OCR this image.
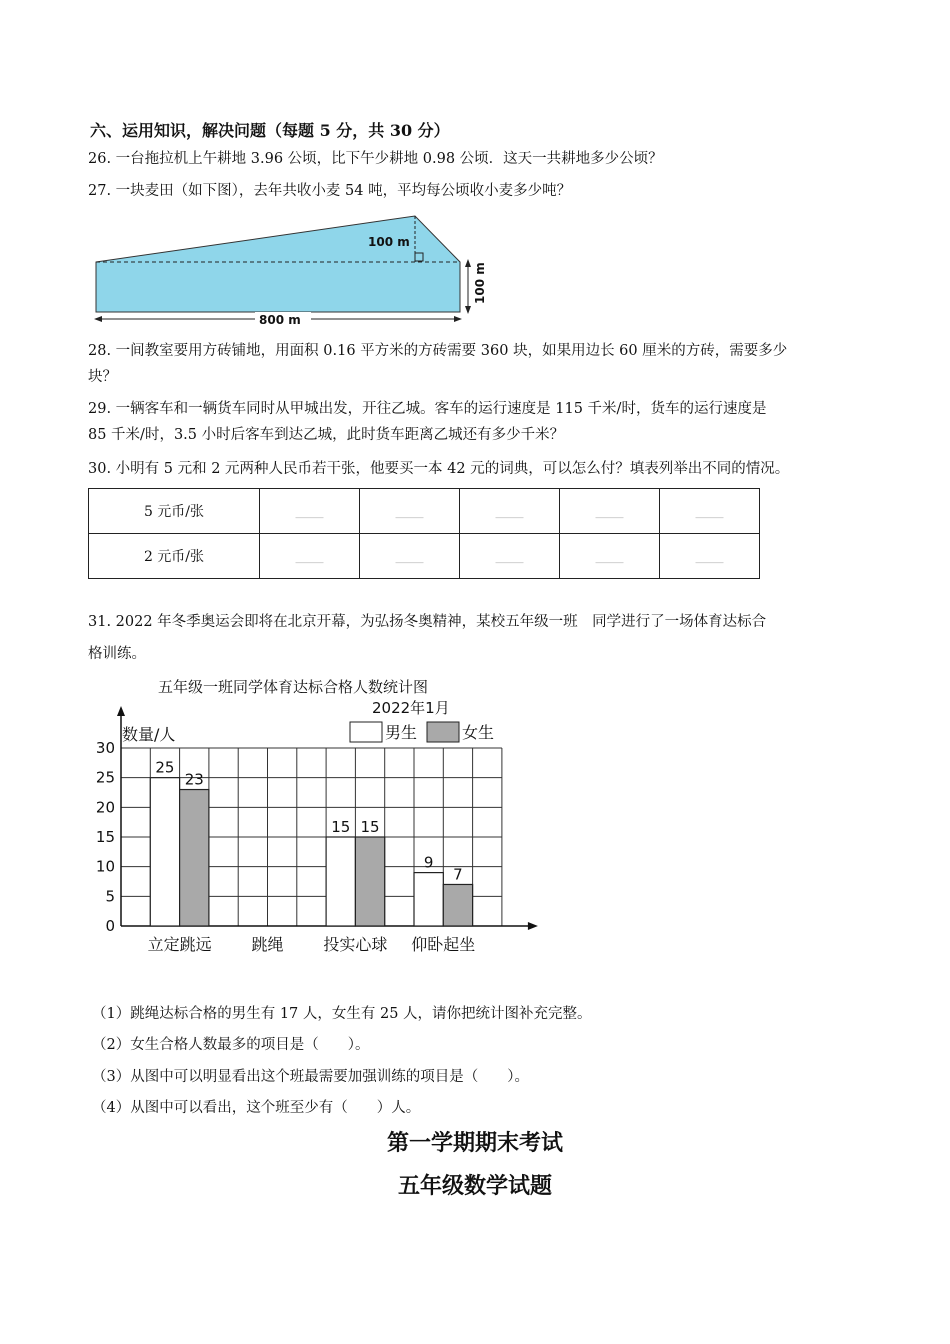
六、运用知识，解决问题（每题 5 分，共 30 分）
26. 一台拖拉机上午耕地 3.96 公顷，比下午少耕地 0.98 公顷．这天一共耕地多少公顷？
27. 一块麦田（如下图），去年共收小麦 54 吨，平均每公顷收小麦多少吨？
100 m
100 m
800 m
28. 一间教室要用方砖铺地，用面积 0.16 平方米的方砖需要 360 块，如果用边长 60 厘米的方砖，需要多少
块？
29. 一辆客车和一辆货车同时从甲城出发，开往乙城。客车的运行速度是 115 千米/时，货车的运行速度是
85 千米/时，3.5 小时后客车到达乙城，此时货车距离乙城还有多少千米？
30. 小明有 5 元和 2 元两种人民币若干张，他要买一本 42 元的词典，可以怎么付？填表列举出不同的情况。
5 元币/张	____	____	____	____	____
2 元币/张	____	____	____	____	____
31. 2022 年冬季奥运会即将在北京开幕，为弘扬冬奥精神，某校五年级一班　同学进行了一场体育达标合
格训练。
五年级一班同学体育达标合格人数统计图
2022年1月
0
5
10
15
20
25
30
立定跳远 跳绳 投实心球 仰卧起坐
男生	女生
数量/人
25
23
15 15
9
7
（1）跳绳达标合格的男生有 17 人，女生有 25 人，请你把统计图补充完整。
（2）女生合格人数最多的项目是（　　）。
（3）从图中可以明显看出这个班最需要加强训练的项目是（　　）。
（4）从图中可以看出，这个班至少有（　　）人。
第一学期期末考试
五年级数学试题
